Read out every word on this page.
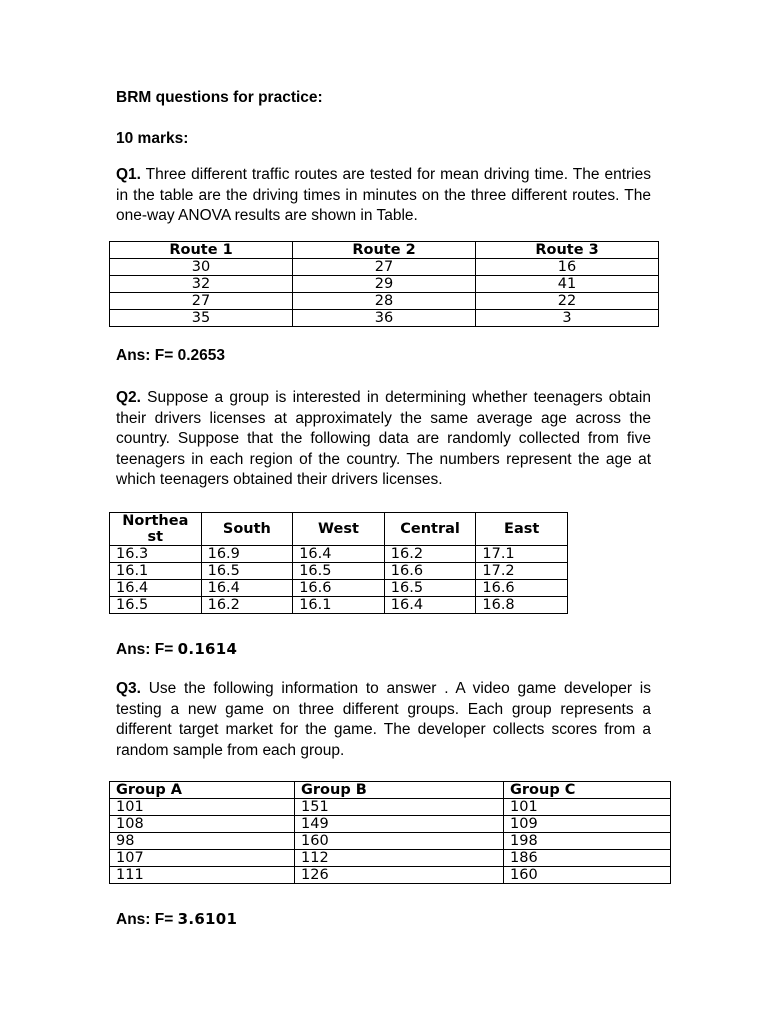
BRM questions for practice:

10 marks:

Q1. Three different traffic routes are tested for mean driving time. The entries in the table are the driving times in minutes on the three different routes. The one-way ANOVA results are shown in Table.

Route 1	Route 2	Route 3
30	27	16
32	29	41
27	28	22
35	36	3

Ans: F= 0.2653

Q2. Suppose a group is interested in determining whether teenagers obtain their drivers licenses at approximately the same average age across the country. Suppose that the following data are randomly collected from five teenagers in each region of the country. The numbers represent the age at which teenagers obtained their drivers licenses.

Northea st	South	West	Central	East
16.3	16.9	16.4	16.2	17.1
16.1	16.5	16.5	16.6	17.2
16.4	16.4	16.6	16.5	16.6
16.5	16.2	16.1	16.4	16.8

Ans: F= 0.1614

Q3. Use the following information to answer . A video game developer is testing a new game on three different groups. Each group represents a different target market for the game. The developer collects scores from a random sample from each group.

Group A	Group B	Group C
101	151	101
108	149	109
98	160	198
107	112	186
111	126	160

Ans: F= 3.6101
